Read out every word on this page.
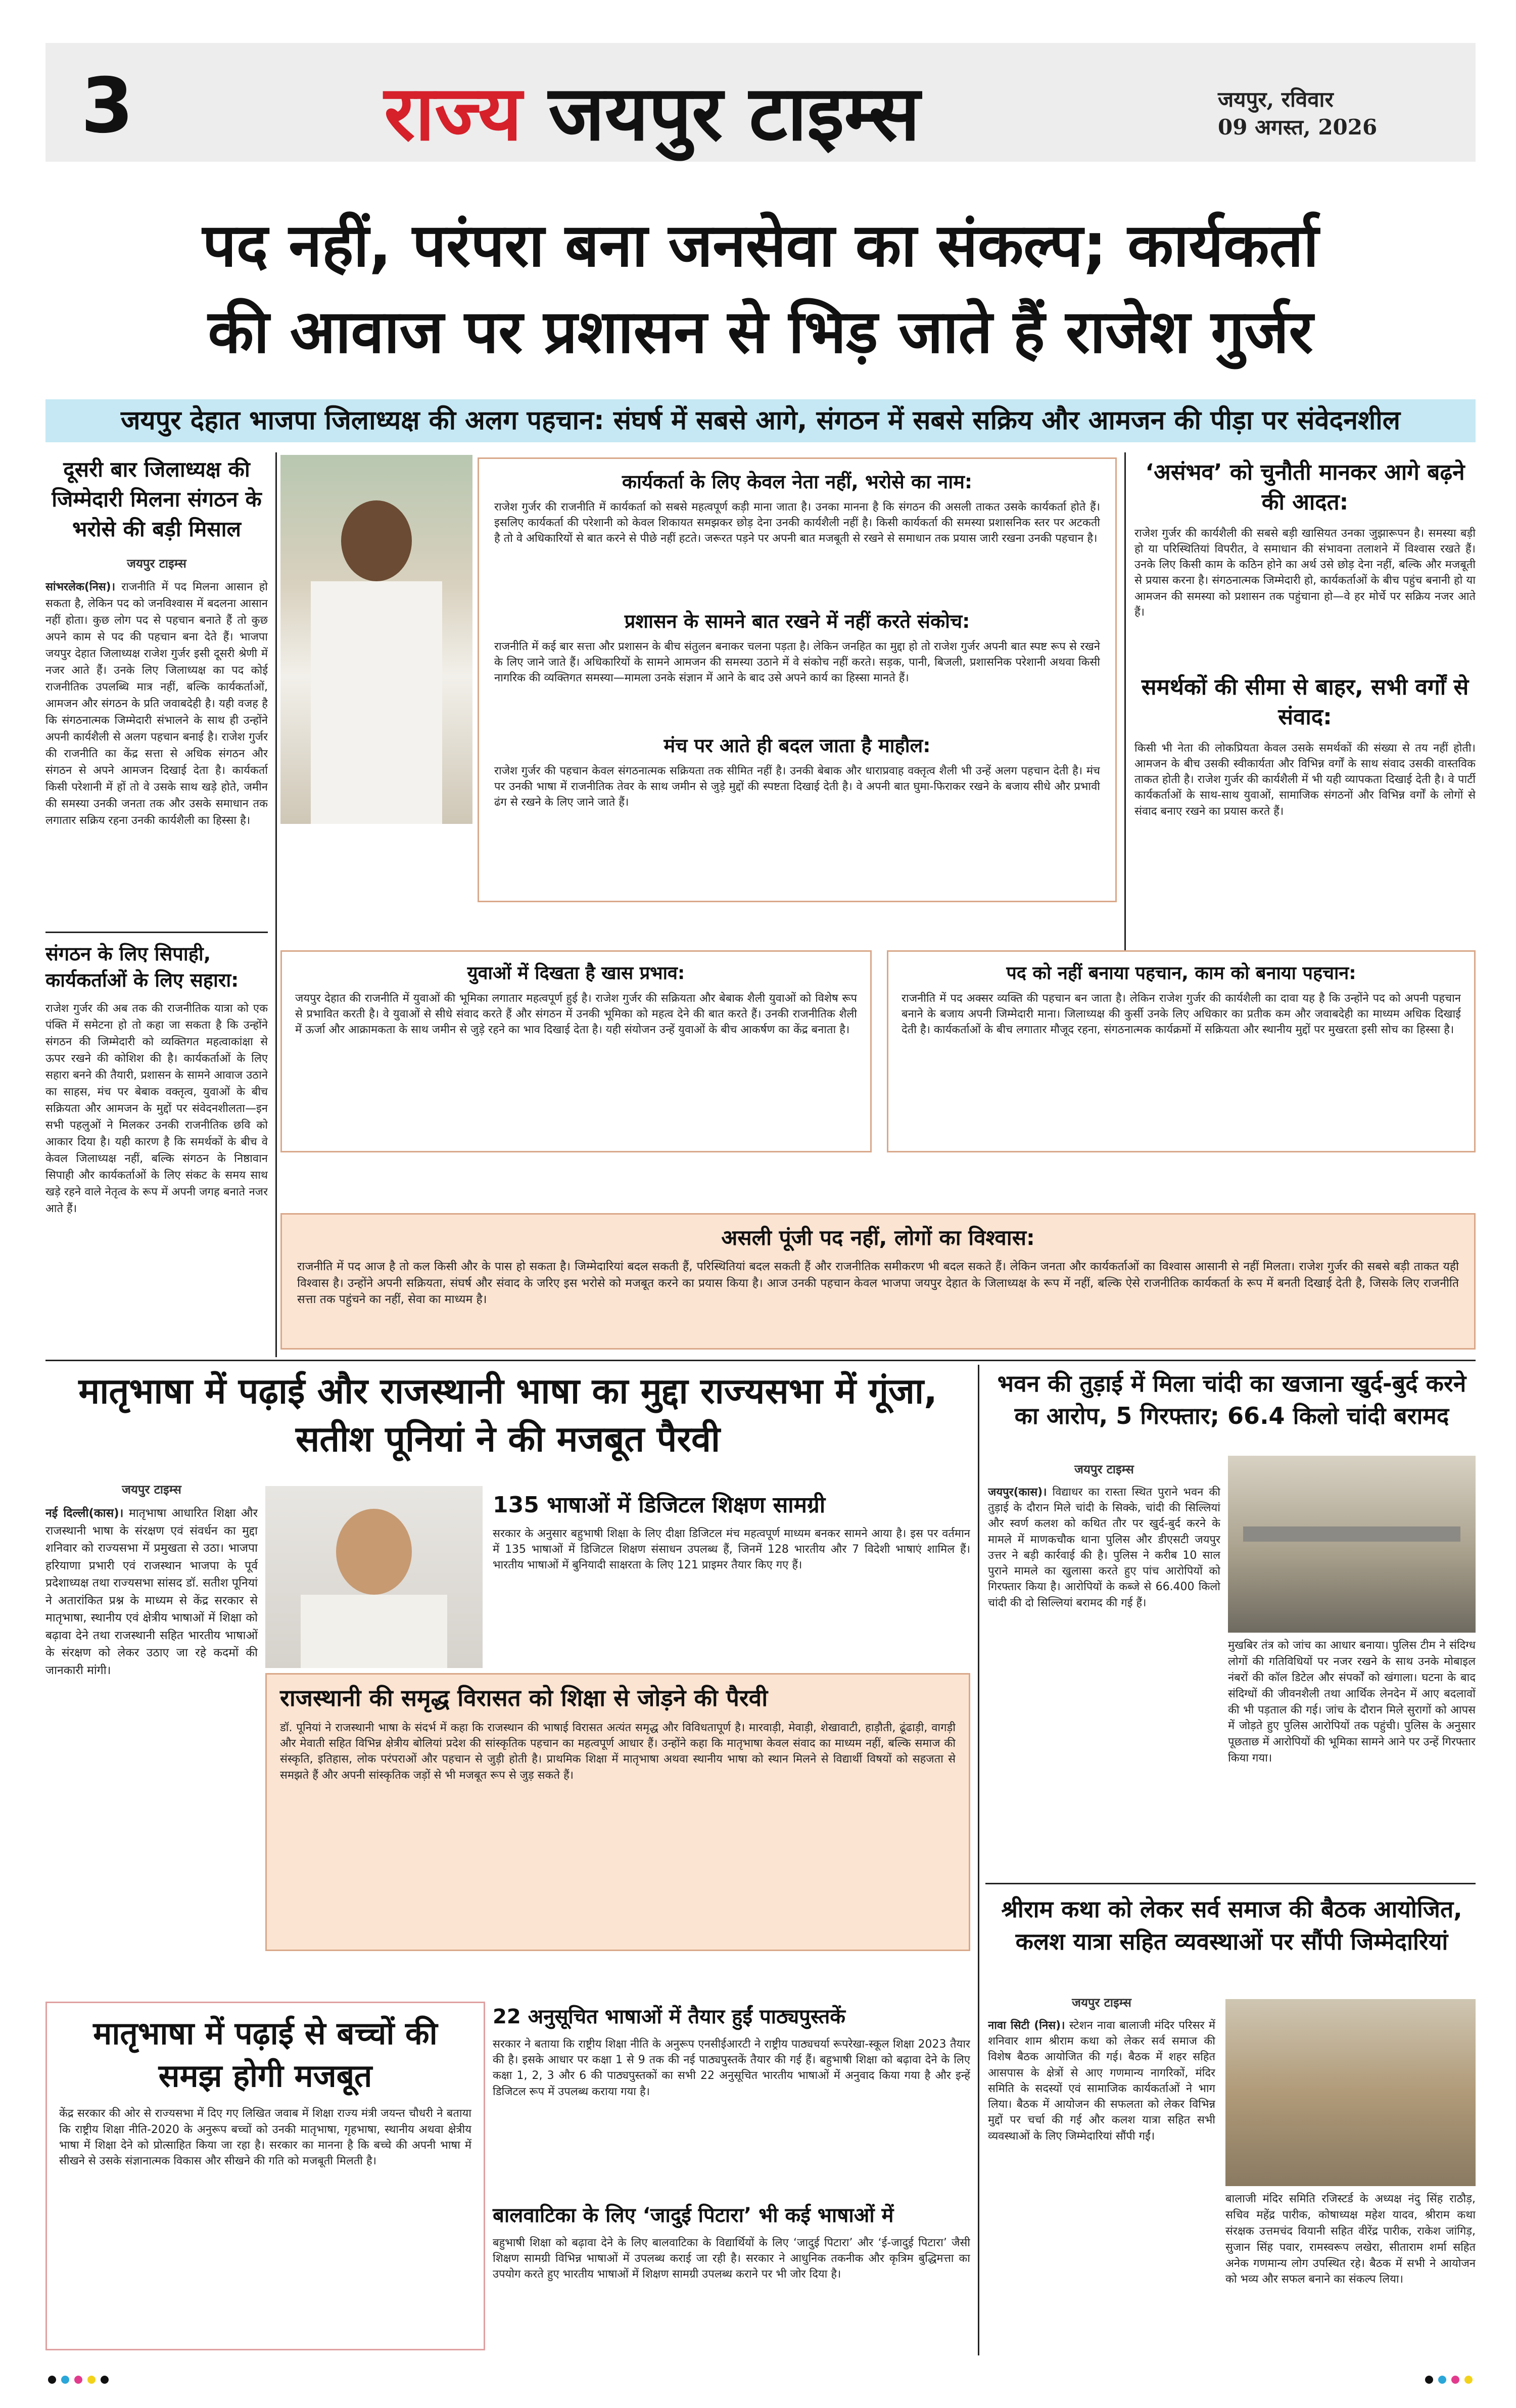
3	राज्य जयपुर टाइम्स	जयपुर, रविवार
09 अगस्त, 2026
पद नहीं, परंपरा बना जनसेवा का संकल्प; कार्यकर्ता
की आवाज पर प्रशासन से भिड़ जाते हैं राजेश गुर्जर
जयपुर देहात भाजपा जिलाध्यक्ष की अलग पहचान: संघर्ष में सबसे आगे, संगठन में सबसे सक्रिय और आमजन की पीड़ा पर संवेदनशील
दूसरी बार जिलाध्यक्ष की जिम्मेदारी मिलना संगठन के भरोसे की बड़ी मिसाल
जयपुर टाइम्स
सांभरलेक(निस)। राजनीति में पद मिलना आसान हो सकता है, लेकिन पद को जनविश्वास में बदलना आसान नहीं होता। कुछ लोग पद से पहचान बनाते हैं तो कुछ अपने काम से पद की पहचान बना देते हैं। भाजपा जयपुर देहात जिलाध्यक्ष राजेश गुर्जर इसी दूसरी श्रेणी में नजर आते हैं। उनके लिए जिलाध्यक्ष का पद कोई राजनीतिक उपलब्धि मात्र नहीं, बल्कि कार्यकर्ताओं, आमजन और संगठन के प्रति जवाबदेही है। यही वजह है कि संगठनात्मक जिम्मेदारी संभालने के साथ ही उन्होंने अपनी कार्यशैली से अलग पहचान बनाई है। राजेश गुर्जर की राजनीति का केंद्र सत्ता से अधिक संगठन और संगठन से अपने आमजन दिखाई देता है। कार्यकर्ता किसी परेशानी में हों तो वे उसके साथ खड़े होते, जमीन की समस्या उनकी जनता तक और उसके समाधान तक लगातार सक्रिय रहना उनकी कार्यशैली का हिस्सा है।
संगठन के लिए सिपाही, कार्यकर्ताओं के लिए सहारा:
राजेश गुर्जर की अब तक की राजनीतिक यात्रा को एक पंक्ति में समेटना हो तो कहा जा सकता है कि उन्होंने संगठन की जिम्मेदारी को व्यक्तिगत महत्वाकांक्षा से ऊपर रखने की कोशिश की है। कार्यकर्ताओं के लिए सहारा बनने की तैयारी, प्रशासन के सामने आवाज उठाने का साहस, मंच पर बेबाक वक्तृत्व, युवाओं के बीच सक्रियता और आमजन के मुद्दों पर संवेदनशीलता—इन सभी पहलुओं ने मिलकर उनकी राजनीतिक छवि को आकार दिया है। यही कारण है कि समर्थकों के बीच वे केवल जिलाध्यक्ष नहीं, बल्कि संगठन के निष्ठावान सिपाही और कार्यकर्ताओं के लिए संकट के समय साथ खड़े रहने वाले नेतृत्व के रूप में अपनी जगह बनाते नजर आते हैं।
कार्यकर्ता के लिए केवल नेता नहीं, भरोसे का नाम:
राजेश गुर्जर की राजनीति में कार्यकर्ता को सबसे महत्वपूर्ण कड़ी माना जाता है। उनका मानना है कि संगठन की असली ताकत उसके कार्यकर्ता होते हैं। इसलिए कार्यकर्ता की परेशानी को केवल शिकायत समझकर छोड़ देना उनकी कार्यशैली नहीं है। किसी कार्यकर्ता की समस्या प्रशासनिक स्तर पर अटकती है तो वे अधिकारियों से बात करने से पीछे नहीं हटते। जरूरत पड़ने पर अपनी बात मजबूती से रखने से समाधान तक प्रयास जारी रखना उनकी पहचान है।
प्रशासन के सामने बात रखने में नहीं करते संकोच:
राजनीति में कई बार सत्ता और प्रशासन के बीच संतुलन बनाकर चलना पड़ता है। लेकिन जनहित का मुद्दा हो तो राजेश गुर्जर अपनी बात स्पष्ट रूप से रखने के लिए जाने जाते हैं। अधिकारियों के सामने आमजन की समस्या उठाने में वे संकोच नहीं करते। सड़क, पानी, बिजली, प्रशासनिक परेशानी अथवा किसी नागरिक की व्यक्तिगत समस्या—मामला उनके संज्ञान में आने के बाद उसे अपने कार्य का हिस्सा मानते हैं।
मंच पर आते ही बदल जाता है माहौल:
राजेश गुर्जर की पहचान केवल संगठनात्मक सक्रियता तक सीमित नहीं है। उनकी बेबाक और धाराप्रवाह वक्तृत्व शैली भी उन्हें अलग पहचान देती है। मंच पर उनकी भाषा में राजनीतिक तेवर के साथ जमीन से जुड़े मुद्दों की स्पष्टता दिखाई देती है। वे अपनी बात घुमा-फिराकर रखने के बजाय सीधे और प्रभावी ढंग से रखने के लिए जाने जाते हैं।
‘असंभव’ को चुनौती मानकर आगे बढ़ने की आदत:
राजेश गुर्जर की कार्यशैली की सबसे बड़ी खासियत उनका जुझारूपन है। समस्या बड़ी हो या परिस्थितियां विपरीत, वे समाधान की संभावना तलाशने में विश्वास रखते हैं। उनके लिए किसी काम के कठिन होने का अर्थ उसे छोड़ देना नहीं, बल्कि और मजबूती से प्रयास करना है। संगठनात्मक जिम्मेदारी हो, कार्यकर्ताओं के बीच पहुंच बनानी हो या आमजन की समस्या को प्रशासन तक पहुंचाना हो—वे हर मोर्चे पर सक्रिय नजर आते हैं।
समर्थकों की सीमा से बाहर, सभी वर्गों से संवाद:
किसी भी नेता की लोकप्रियता केवल उसके समर्थकों की संख्या से तय नहीं होती। आमजन के बीच उसकी स्वीकार्यता और विभिन्न वर्गों के साथ संवाद उसकी वास्तविक ताकत होती है। राजेश गुर्जर की कार्यशैली में भी यही व्यापकता दिखाई देती है। वे पार्टी कार्यकर्ताओं के साथ-साथ युवाओं, सामाजिक संगठनों और विभिन्न वर्गों के लोगों से संवाद बनाए रखने का प्रयास करते हैं।
युवाओं में दिखता है खास प्रभाव:
जयपुर देहात की राजनीति में युवाओं की भूमिका लगातार महत्वपूर्ण हुई है। राजेश गुर्जर की सक्रियता और बेबाक शैली युवाओं को विशेष रूप से प्रभावित करती है। वे युवाओं से सीधे संवाद करते हैं और संगठन में उनकी भूमिका को महत्व देने की बात करते हैं। उनकी राजनीतिक शैली में ऊर्जा और आक्रामकता के साथ जमीन से जुड़े रहने का भाव दिखाई देता है। यही संयोजन उन्हें युवाओं के बीच आकर्षण का केंद्र बनाता है।
पद को नहीं बनाया पहचान, काम को बनाया पहचान:
राजनीति में पद अक्सर व्यक्ति की पहचान बन जाता है। लेकिन राजेश गुर्जर की कार्यशैली का दावा यह है कि उन्होंने पद को अपनी पहचान बनाने के बजाय अपनी जिम्मेदारी माना। जिलाध्यक्ष की कुर्सी उनके लिए अधिकार का प्रतीक कम और जवाबदेही का माध्यम अधिक दिखाई देती है। कार्यकर्ताओं के बीच लगातार मौजूद रहना, संगठनात्मक कार्यक्रमों में सक्रियता और स्थानीय मुद्दों पर मुखरता इसी सोच का हिस्सा है।
असली पूंजी पद नहीं, लोगों का विश्वास:
राजनीति में पद आज है तो कल किसी और के पास हो सकता है। जिम्मेदारियां बदल सकती हैं, परिस्थितियां बदल सकती हैं और राजनीतिक समीकरण भी बदल सकते हैं। लेकिन जनता और कार्यकर्ताओं का विश्वास आसानी से नहीं मिलता। राजेश गुर्जर की सबसे बड़ी ताकत यही विश्वास है। उन्होंने अपनी सक्रियता, संघर्ष और संवाद के जरिए इस भरोसे को मजबूत करने का प्रयास किया है। आज उनकी पहचान केवल भाजपा जयपुर देहात के जिलाध्यक्ष के रूप में नहीं, बल्कि ऐसे राजनीतिक कार्यकर्ता के रूप में बनती दिखाई देती है, जिसके लिए राजनीति सत्ता तक पहुंचने का नहीं, सेवा का माध्यम है।
मातृभाषा में पढ़ाई और राजस्थानी भाषा का मुद्दा राज्यसभा में गूंजा, सतीश पूनियां ने की मजबूत पैरवी
जयपुर टाइम्स
नई दिल्ली(कास)। मातृभाषा आधारित शिक्षा और राजस्थानी भाषा के संरक्षण एवं संवर्धन का मुद्दा शनिवार को राज्यसभा में प्रमुखता से उठा। भाजपा हरियाणा प्रभारी एवं राजस्थान भाजपा के पूर्व प्रदेशाध्यक्ष तथा राज्यसभा सांसद डॉ. सतीश पूनियां ने अतारांकित प्रश्न के माध्यम से केंद्र सरकार से मातृभाषा, स्थानीय एवं क्षेत्रीय भाषाओं में शिक्षा को बढ़ावा देने तथा राजस्थानी सहित भारतीय भाषाओं के संरक्षण को लेकर उठाए जा रहे कदमों की जानकारी मांगी।
135 भाषाओं में डिजिटल शिक्षण सामग्री
सरकार के अनुसार बहुभाषी शिक्षा के लिए दीक्षा डिजिटल मंच महत्वपूर्ण माध्यम बनकर सामने आया है। इस पर वर्तमान में 135 भाषाओं में डिजिटल शिक्षण संसाधन उपलब्ध हैं, जिनमें 128 भारतीय और 7 विदेशी भाषाएं शामिल हैं। भारतीय भाषाओं में बुनियादी साक्षरता के लिए 121 प्राइमर तैयार किए गए हैं।
राजस्थानी की समृद्ध विरासत को शिक्षा से जोड़ने की पैरवी
डॉ. पूनियां ने राजस्थानी भाषा के संदर्भ में कहा कि राजस्थान की भाषाई विरासत अत्यंत समृद्ध और विविधतापूर्ण है। मारवाड़ी, मेवाड़ी, शेखावाटी, हाड़ौती, ढूंढाड़ी, वागड़ी और मेवाती सहित विभिन्न क्षेत्रीय बोलियां प्रदेश की सांस्कृतिक पहचान का महत्वपूर्ण आधार हैं। उन्होंने कहा कि मातृभाषा केवल संवाद का माध्यम नहीं, बल्कि समाज की संस्कृति, इतिहास, लोक परंपराओं और पहचान से जुड़ी होती है। प्राथमिक शिक्षा में मातृभाषा अथवा स्थानीय भाषा को स्थान मिलने से विद्यार्थी विषयों को सहजता से समझते हैं और अपनी सांस्कृतिक जड़ों से भी मजबूत रूप से जुड़ सकते हैं।
मातृभाषा में पढ़ाई से बच्चों की समझ होगी मजबूत
केंद्र सरकार की ओर से राज्यसभा में दिए गए लिखित जवाब में शिक्षा राज्य मंत्री जयन्त चौधरी ने बताया कि राष्ट्रीय शिक्षा नीति-2020 के अनुरूप बच्चों को उनकी मातृभाषा, गृहभाषा, स्थानीय अथवा क्षेत्रीय भाषा में शिक्षा देने को प्रोत्साहित किया जा रहा है। सरकार का मानना है कि बच्चे की अपनी भाषा में सीखने से उसके संज्ञानात्मक विकास और सीखने की गति को मजबूती मिलती है।
22 अनुसूचित भाषाओं में तैयार हुईं पाठ्यपुस्तकें
सरकार ने बताया कि राष्ट्रीय शिक्षा नीति के अनुरूप एनसीईआरटी ने राष्ट्रीय पाठ्यचर्या रूपरेखा-स्कूल शिक्षा 2023 तैयार की है। इसके आधार पर कक्षा 1 से 9 तक की नई पाठ्यपुस्तकें तैयार की गई हैं। बहुभाषी शिक्षा को बढ़ावा देने के लिए कक्षा 1, 2, 3 और 6 की पाठ्यपुस्तकों का सभी 22 अनुसूचित भारतीय भाषाओं में अनुवाद किया गया है और इन्हें डिजिटल रूप में उपलब्ध कराया गया है।
बालवाटिका के लिए ‘जादुई पिटारा’ भी कई भाषाओं में
बहुभाषी शिक्षा को बढ़ावा देने के लिए बालवाटिका के विद्यार्थियों के लिए ‘जादुई पिटारा’ और ‘ई-जादुई पिटारा’ जैसी शिक्षण सामग्री विभिन्न भाषाओं में उपलब्ध कराई जा रही है। सरकार ने आधुनिक तकनीक और कृत्रिम बुद्धिमत्ता का उपयोग करते हुए भारतीय भाषाओं में शिक्षण सामग्री उपलब्ध कराने पर भी जोर दिया है।
भवन की तुड़ाई में मिला चांदी का खजाना खुर्द-बुर्द करने का आरोप, 5 गिरफ्तार; 66.4 किलो चांदी बरामद
जयपुर टाइम्स
जयपुर(कास)। विद्याधर का रास्ता स्थित पुराने भवन की तुड़ाई के दौरान मिले चांदी के सिक्के, चांदी की सिल्लियां और स्वर्ण कलश को कथित तौर पर खुर्द-बुर्द करने के मामले में माणकचौक थाना पुलिस और डीएसटी जयपुर उत्तर ने बड़ी कार्रवाई की है। पुलिस ने करीब 10 साल पुराने मामले का खुलासा करते हुए पांच आरोपियों को गिरफ्तार किया है। आरोपियों के कब्जे से 66.400 किलो चांदी की दो सिल्लियां बरामद की गई हैं।
मुखबिर तंत्र को जांच का आधार बनाया। पुलिस टीम ने संदिग्ध लोगों की गतिविधियों पर नजर रखने के साथ उनके मोबाइल नंबरों की कॉल डिटेल और संपर्कों को खंगाला। घटना के बाद संदिग्धों की जीवनशैली तथा आर्थिक लेनदेन में आए बदलावों की भी पड़ताल की गई। जांच के दौरान मिले सुरागों को आपस में जोड़ते हुए पुलिस आरोपियों तक पहुंची। पुलिस के अनुसार पूछताछ में आरोपियों की भूमिका सामने आने पर उन्हें गिरफ्तार किया गया।
श्रीराम कथा को लेकर सर्व समाज की बैठक आयोजित, कलश यात्रा सहित व्यवस्थाओं पर सौंपी जिम्मेदारियां
जयपुर टाइम्स
नावा सिटी (निस)। स्टेशन नावा बालाजी मंदिर परिसर में शनिवार शाम श्रीराम कथा को लेकर सर्व समाज की विशेष बैठक आयोजित की गई। बैठक में शहर सहित आसपास के क्षेत्रों से आए गणमान्य नागरिकों, मंदिर समिति के सदस्यों एवं सामाजिक कार्यकर्ताओं ने भाग लिया। बैठक में आयोजन की सफलता को लेकर विभिन्न मुद्दों पर चर्चा की गई और कलश यात्रा सहित सभी व्यवस्थाओं के लिए जिम्मेदारियां सौंपी गईं।
बालाजी मंदिर समिति रजिस्टर्ड के अध्यक्ष नंदु सिंह राठौड़, सचिव महेंद्र पारीक, कोषाध्यक्ष महेश यादव, श्रीराम कथा संरक्षक उत्तमचंद वियानी सहित वीरेंद्र पारीक, राकेश जांगिड़, सुजान सिंह पवार, रामस्वरूप लखेरा, सीताराम शर्मा सहित अनेक गणमान्य लोग उपस्थित रहे। बैठक में सभी ने आयोजन को भव्य और सफल बनाने का संकल्प लिया।
